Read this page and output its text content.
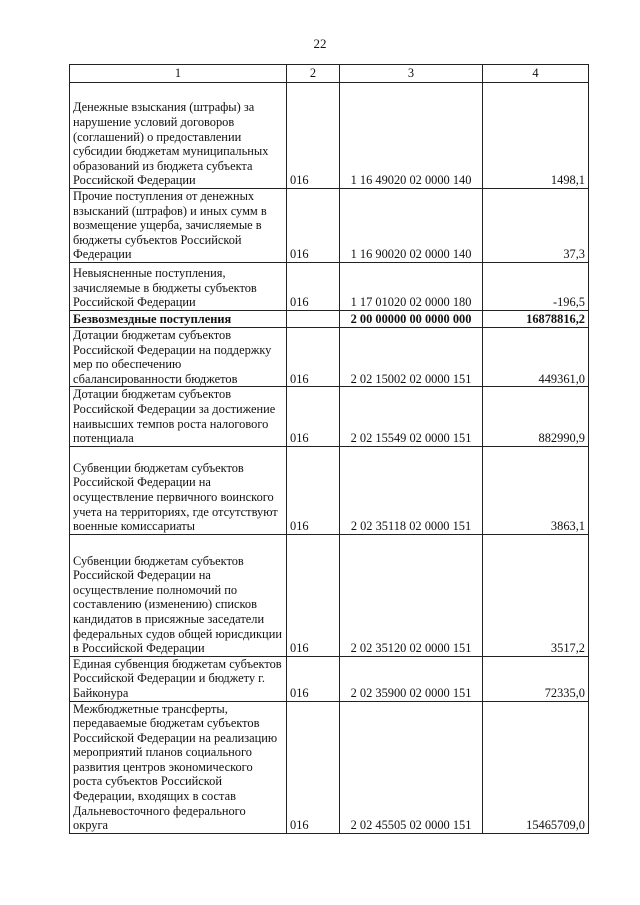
22
1	2	3	4
Денежные взыскания (штрафы) за нарушение условий договоров (соглашений) о предоставлении субсидии бюджетам муниципальных образований из бюджета субъекта Российской Федерации	016	1 16 49020 02 0000 140	1498,1
Прочие поступления от денежных взысканий (штрафов) и иных сумм в возмещение ущерба, зачисляемые в бюджеты субъектов Российской Федерации	016	1 16 90020 02 0000 140	37,3
Невыясненные поступления, зачисляемые в бюджеты субъектов Российской Федерации	016	1 17 01020 02 0000 180	-196,5
Безвозмездные поступления		2 00 00000 00 0000 000	16878816,2
Дотации бюджетам субъектов Российской Федерации на поддержку мер по обеспечению сбалансированности бюджетов	016	2 02 15002 02 0000 151	449361,0
Дотации бюджетам субъектов Российской Федерации за достижение наивысших темпов роста налогового потенциала	016	2 02 15549 02 0000 151	882990,9
Субвенции бюджетам субъектов Российской Федерации на осуществление первичного воинского учета на территориях, где отсутствуют военные комиссариаты	016	2 02 35118 02 0000 151	3863,1
Субвенции бюджетам субъектов Российской Федерации на осуществление полномочий по составлению (изменению) списков кандидатов в присяжные заседатели федеральных судов общей юрисдикции в Российской Федерации	016	2 02 35120 02 0000 151	3517,2
Единая субвенция бюджетам субъектов Российской Федерации и бюджету г. Байконура	016	2 02 35900 02 0000 151	72335,0
Межбюджетные трансферты, передаваемые бюджетам субъектов Российской Федерации на реализацию мероприятий планов социального развития центров экономического роста субъектов Российской Федерации, входящих в состав Дальневосточного федерального округа	016	2 02 45505 02 0000 151	15465709,0
